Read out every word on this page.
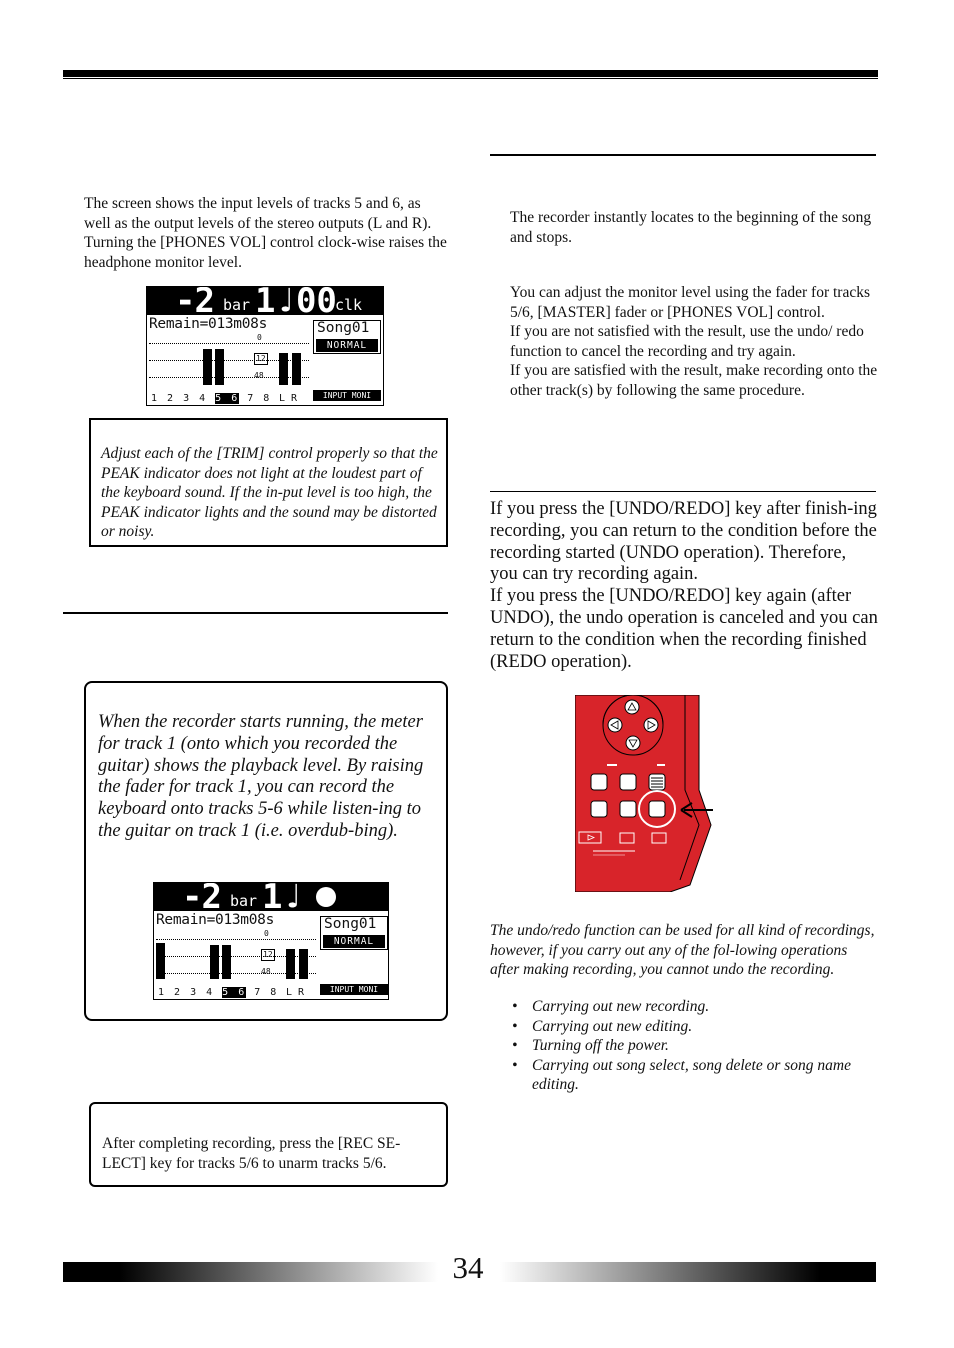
The screen shows the input levels of tracks 5 and 6, as well as the output levels of the stereo outputs (L and R). Turning the [PHONES VOL] control clock-wise raises the headphone monitor level.

-2 bar 1♩00
clk
Remain=013m08s	Song01
NORMAL
0
12
48
1 2 3 4 5 6 7 8 LR	INPUT MONI

Adjust each of the [TRIM] control properly so that the PEAK indicator does not light at the loudest part of the keyboard sound. If the in-put level is too high, the PEAK indicator lights and the sound may be distorted or noisy.

When the recorder starts running, the meter for track 1 (onto which you recorded the guitar) shows the playback level. By raising the fader for track 1, you can record the keyboard onto tracks 5-6 while listen-ing to the guitar on track 1 (i.e. overdub-bing).

-2 bar 1♩
Remain=013m08s	Song01
NORMAL
0
12
48
1 2 3 4 5 6 7 8 LR	INPUT MONI

After completing recording, press the [REC SE-LECT] key for tracks 5/6 to unarm tracks 5/6.

The recorder instantly locates to the beginning of the song and stops.

You can adjust the monitor level using the fader for tracks 5/6, [MASTER] fader or [PHONES VOL] control.

If you are not satisfied with the result, use the undo/ redo function to cancel the recording and try again.

If you are satisfied with the result, make recording onto the other track(s) by following the same procedure.

If you press the [UNDO/REDO] key after finish-ing recording, you can return to the condition before the recording started (UNDO operation). Therefore, you can try recording again.

If you press the [UNDO/REDO] key again (after UNDO), the undo operation is canceled and you can return to the condition when the recording finished (REDO operation).

The undo/redo function can be used for all kind of recordings, however, if you carry out any of the fol-lowing operations after making recording, you cannot undo the recording.

• Carrying out new recording.
• Carrying out new editing.
• Turning off the power.
• Carrying out song select, song delete or song name editing.
34
